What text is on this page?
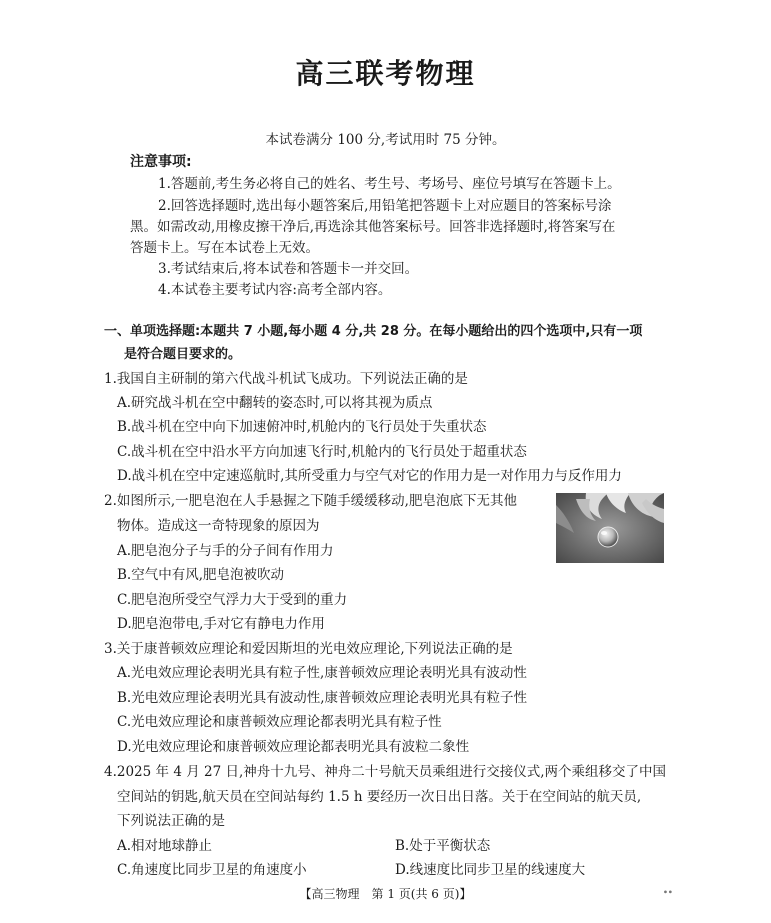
高三联考物理
本试卷满分 100 分,考试用时 75 分钟。
注意事项:
1.答题前,考生务必将自己的姓名、考生号、考场号、座位号填写在答题卡上。
2.回答选择题时,选出每小题答案后,用铅笔把答题卡上对应题目的答案标号涂
黑。如需改动,用橡皮擦干净后,再选涂其他答案标号。回答非选择题时,将答案写在
答题卡上。写在本试卷上无效。
3.考试结束后,将本试卷和答题卡一并交回。
4.本试卷主要考试内容:高考全部内容。
一、单项选择题:本题共 7 小题,每小题 4 分,共 28 分。在每小题给出的四个选项中,只有一项
是符合题目要求的。
1.我国自主研制的第六代战斗机试飞成功。下列说法正确的是
A.研究战斗机在空中翻转的姿态时,可以将其视为质点
B.战斗机在空中向下加速俯冲时,机舱内的飞行员处于失重状态
C.战斗机在空中沿水平方向加速飞行时,机舱内的飞行员处于超重状态
D.战斗机在空中定速巡航时,其所受重力与空气对它的作用力是一对作用力与反作用力
2.如图所示,一肥皂泡在人手悬握之下随手缓缓移动,肥皂泡底下无其他
物体。造成这一奇特现象的原因为
A.肥皂泡分子与手的分子间有作用力
B.空气中有风,肥皂泡被吹动
C.肥皂泡所受空气浮力大于受到的重力
D.肥皂泡带电,手对它有静电力作用
3.关于康普顿效应理论和爱因斯坦的光电效应理论,下列说法正确的是
A.光电效应理论表明光具有粒子性,康普顿效应理论表明光具有波动性
B.光电效应理论表明光具有波动性,康普顿效应理论表明光具有粒子性
C.光电效应理论和康普顿效应理论都表明光具有粒子性
D.光电效应理论和康普顿效应理论都表明光具有波粒二象性
4.2025 年 4 月 27 日,神舟十九号、神舟二十号航天员乘组进行交接仪式,两个乘组移交了中国
空间站的钥匙,航天员在空间站每约 1.5 h 要经历一次日出日落。关于在空间站的航天员,
下列说法正确的是
A.相对地球静止	B.处于平衡状态
C.角速度比同步卫星的角速度小	D.线速度比同步卫星的线速度大
【高三物理　第 1 页(共 6 页)】	∙∙
